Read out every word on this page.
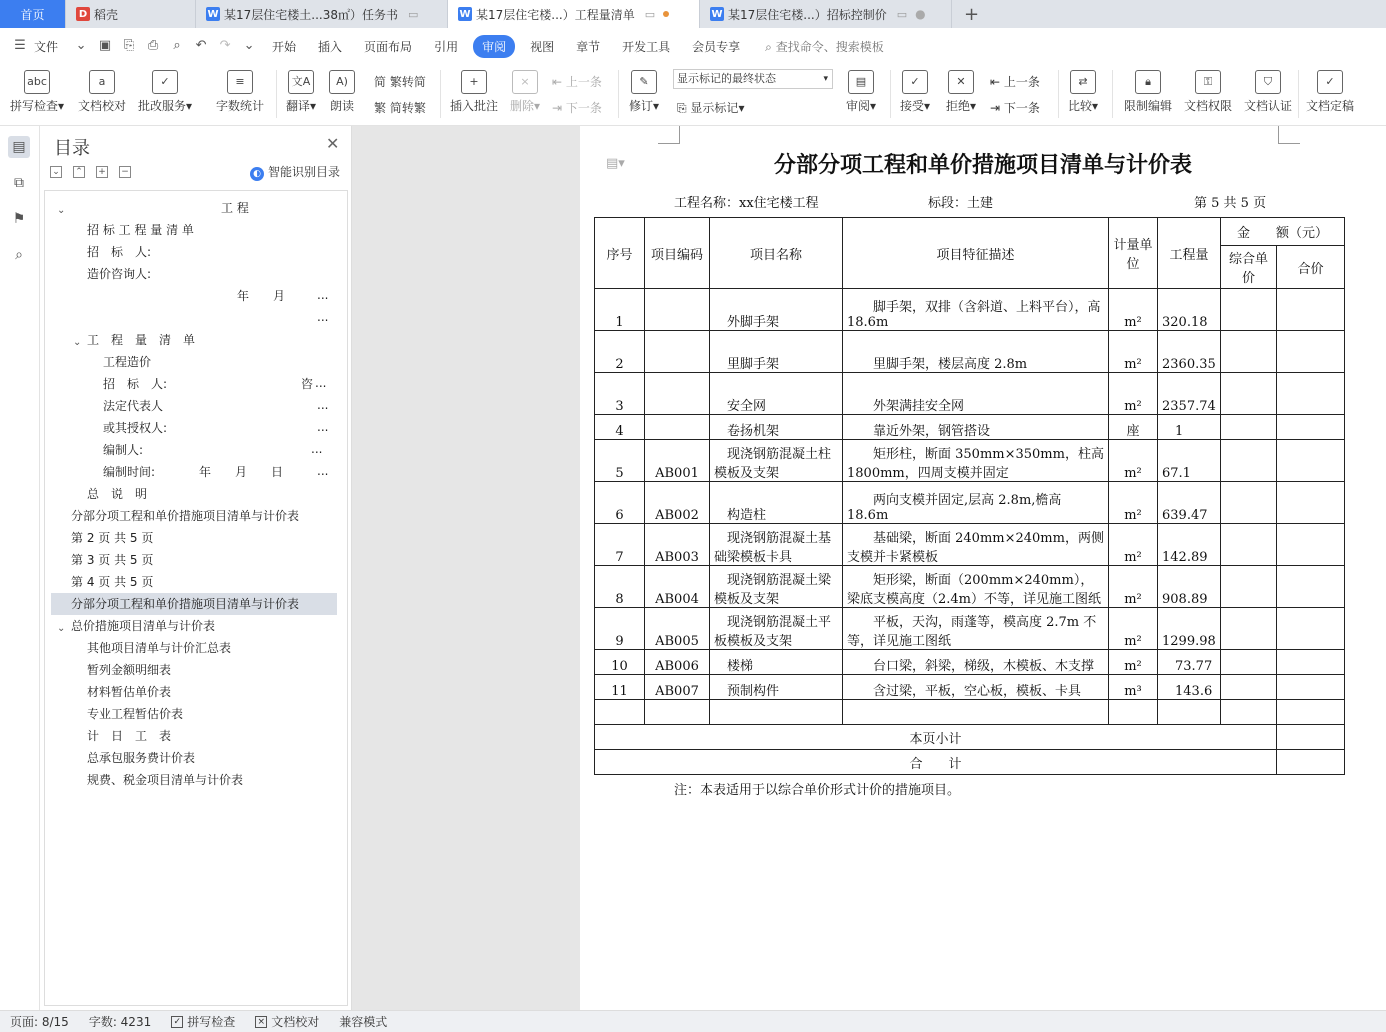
首页	D 稻壳	W 某17层住宅楼土...38㎡）任务书 ▭	W 某17层住宅楼...）工程量清单 ▭	W 某17层住宅楼...）招标控制价 ▭ ●	+
☰ 文件	⌄ ▣ ⎘ ⎙	⌕	↶ ↷ ⌄	开始	插入	页面布局	引用	审阅	视图	章节	开发工具	会员专享	⌕ 查找命令、搜索模板
abc
拼写检查▾
a
文档校对
✓
批改服务▾
≡
字数统计
文A
翻译▾
A)
朗读
简 繁转简
繁 简转繁
+
插入批注
×
删除▾
⇤ 上一条
⇥ 下一条
✎
修订▾
显示标记的最终状态	▾
⎘ 显示标记▾
▤
审阅▾
✓
接受▾
✕
拒绝▾
⇤ 上一条
⇥ 下一条
⇄
比较▾
🔒︎
限制编辑
⚿
文档权限
⛉
文档认证
✓
文档定稿
▤
⧉
⚑
⌕
目录	✕
⌄ ⌃ + −	◐ 智能识别目录
⌄	工 程
招 标 工 程 量 清 单
招　标　人:
造价咨询人:
年　　月	...
...
⌄ 工　程　量　清　单
工程造价
招　标　人:	咨 ...
法定代表人	...
或其授权人:	...
编制人:	...
编制时间:	年　　月　　日	...
总　说　明
分部分项工程和单价措施项目清单与计价表
第 2 页 共 5 页
第 3 页 共 5 页
第 4 页 共 5 页
分部分项工程和单价措施项目清单与计价表
⌄ 总价措施项目清单与计价表
其他项目清单与计价汇总表
暂列金额明细表
材料暂估单价表
专业工程暂估价表
计　日　工　表
总承包服务费计价表
规费、税金项目清单与计价表
▤▾	分部分项工程和单价措施项目清单与计价表
工程名称：xx住宅楼工程	标段：土建	第 5 共 5 页
序号	项目编码	项目名称	项目特征描述	计量单位	工程量	金　　额（元）	
						综合单价	合价
1		　外脚手架	　　脚手架，双排（含斜道、上料平台），高 18.6m	m²	320.18		
2		　里脚手架	　　里脚手架，楼层高度 2.8m	m²	2360.35		
3		　安全网	　　外架满挂安全网	m²	2357.74		
4		　卷扬机架	　　靠近外架，钢管搭设	座	　1		
5	AB001	　现浇钢筋混凝土柱模板及支架	　　矩形柱，断面 350mm×350mm，柱高 1800mm，四周支模并固定	m²	67.1		
6	AB002	　构造柱	　　两向支模并固定,层高 2.8m,檐高 18.6m	m²	639.47		
7	AB003	　现浇钢筋混凝土基础梁模板卡具	　　基础梁，断面 240mm×240mm，两侧支模并卡紧模板	m²	142.89		
8	AB004	　现浇钢筋混凝土梁模板及支架	　　矩形梁，断面（200mm×240mm），梁底支模高度（2.4m）不等，详见施工图纸	m²	908.89		
9	AB005	　现浇钢筋混凝土平板模板及支架	　　平板，天沟，雨蓬等，模高度 2.7m 不等，详见施工图纸	m²	1299.98		
10	AB006	　楼梯	　　台口梁，斜梁，梯级，木模板、木支撑	m²	　73.77		
11	AB007	　预制构件	　　含过梁，平板，空心板，模板、卡具	m³	　143.6		

本页小计							
合　　计							
注：本表适用于以综合单价形式计价的措施项目。
页面: 8/15	字数: 4231	✓ 拼写检查 × 文档校对	兼容模式
